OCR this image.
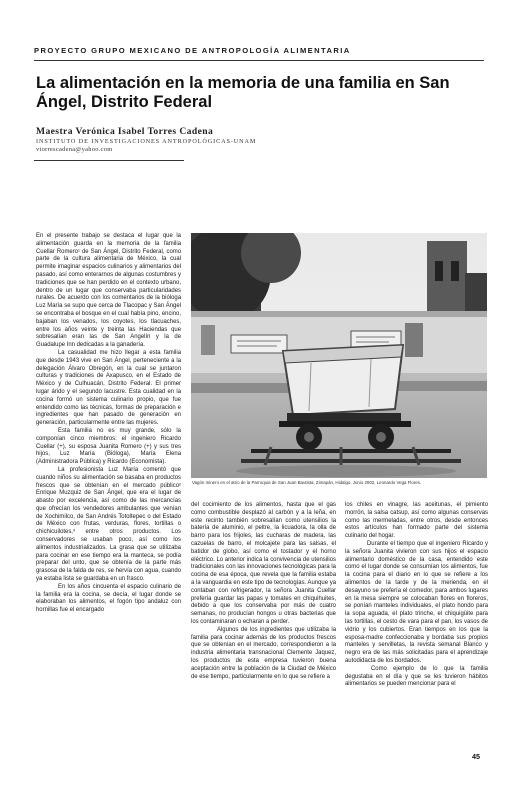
PROYECTO GRUPO MEXICANO DE ANTROPOLOGÍA ALIMENTARIA
La alimentación en la memoria de una familia en San Ángel, Distrito Federal
Maestra Verónica Isabel Torres Cadena
INSTITUTO DE INVESTIGACIONES ANTROPOLÓGICAS-UNAM
vtorrescadena@yahoo.com

En el presente trabajo se destaca el lugar que la alimentación guarda en la memoria de la familia Cuellar Romero¹ de San Ángel, Distrito Federal, como parte de la cultura alimentaria de México, la cual permite imaginar espacios culinarios y alimentarios del pasado, así como enterarnos de algunas costumbres y tradiciones que se han perdido en el contexto urbano, dentro de un lugar que conservaba particularidades rurales. De acuerdo con los comentarios de la bióloga Luz María se supo que cerca de Tlacopac y San Ángel se encontraba el bosque en el cual había pino, encino, bajaban los venados, los coyotes, los tlacuaches, entre los años veinte y treinta las Haciendas que sobresalían eran las de San Angelín y la de Guadalupe Inn dedicadas a la ganadería.

La casualidad me hizo llegar a esta familia que desde 1943 vive en San Ángel, perteneciente a la delegación Álvaro Obregón, en la cual se juntaron culturas y tradiciones de Axapusco, en el Estado de México y de Culhuacán, Distrito Federal. El primer lugar árido y el segundo lacustre. Esta cualidad en la cocina formó un sistema culinario propio, que fue entendido como las técnicas, formas de preparación e ingredientes que han pasado de generación en generación, particularmente entre las mujeres.

Esta familia no es muy grande, sólo la componían cinco miembros: el ingeniero Ricardo Cuellar (+), su esposa Juanita Romero (+) y sus tres hijos, Luz María (Bióloga), María Elena (Administradora Pública) y Ricardo (Economista).

La profesionista Luz María comentó que cuando niños su alimentación se basaba en productos frescos que se obtenían en el mercado público² Enrique Muzquiz de San Ángel, que era el lugar de abasto por excelencia, así como de las mercancías que ofrecían los vendedores ambulantes que venían de Xochimilco, de San Andrés Totoltepec o del Estado de México con frutas, verduras, flores, tortillas o chichicuilotes,³ entre otros productos. Los conservadores se usaban poco, así como los alimentos industrializados. La grasa que se utilizaba para cocinar en ese tiempo era la manteca, se podía preparar del unto, que se obtenía de la parte más grasosa de la falda de res, se hervía con agua, cuando ya estaba lista se guardaba en un frasco.

En los años cincuenta el espacio culinario de la familia era la cocina, se decía, el lugar donde se elaboraban los alimentos, el fogón tipo andaluz con hornillas fue el encargado

Vagón minero en el atrio de la Parroquia de San Juan Bautista, Zimapán, Hidalgo. Junio 2002, Leonardo Vega Flores.

del cocimiento de los alimentos, hasta que el gas como combustible desplazó al carbón y a la leña, en este recinto también sobresalían como utensilios la batería de aluminio, el peltre, la licuadora, la olla de barro para los frijoles, las cucharas de madera, las cazuelas de barro, el molcajete para las salsas, el batidor de globo, así como el tostador y el horno eléctrico. Lo anterior indica la convivencia de utensilios tradicionales con las innovaciones tecnológicas para la cocina de esa época, que revela que la familia estaba a la vanguardia en este tipo de tecnologías. Aunque ya contaban con refrigerador, la señora Juanita Cuellar prefería guardar las papas y tomates en chiquihuites, debido a que los conservaba por más de cuatro semanas, no producían hongos u otras bacterias que los contaminaran o echaran a perder.

Algunos de los ingredientes que utilizaba la familia para cocinar además de los productos frescos que se obtenían en el mercado, correspondieron a la industria alimentaria transnacional Clemente Jaquez, los productos de esta empresa tuvieron buena aceptación entre la población de la Ciudad de México de ese tiempo, particularmente en lo que se refiere a

los chiles en vinagre, las aceitunas, el pimiento morrón, la salsa catsup, así como algunas conservas como las mermeladas, entre otros, desde entonces estos artículos han formado parte del sistema culinario del hogar.

Durante el tiempo que el ingeniero Ricardo y la señora Juanita vivieron con sus hijos el espacio alimentario doméstico de la casa, entendido este como el lugar donde se consumían los alimentos, fue la cocina para el diario en lo que se refiere a los alimentos de la tarde y de la merienda, en el desayuno se prefería el comedor, para ambos lugares en la mesa siempre se colocaban flores en floreros, se ponían manteles individuales, el plato hondo para la sopa aguada, el plato trinche, el chiquigüite para las tortillas, el cesto de vara para el pan, los vasos de vidrio y los cubiertos. Eran tiempos en los que la esposa-madre confeccionaba y bordaba sus propios manteles y servilletas, la revista semanal Blanco y negro era de las más solicitadas para el aprendizaje autodidacta de los bordados.

Como ejemplo de lo que la familia degustaba en el día y que se les tuvieron hábitos alimentarios se pueden mencionar para el

45
